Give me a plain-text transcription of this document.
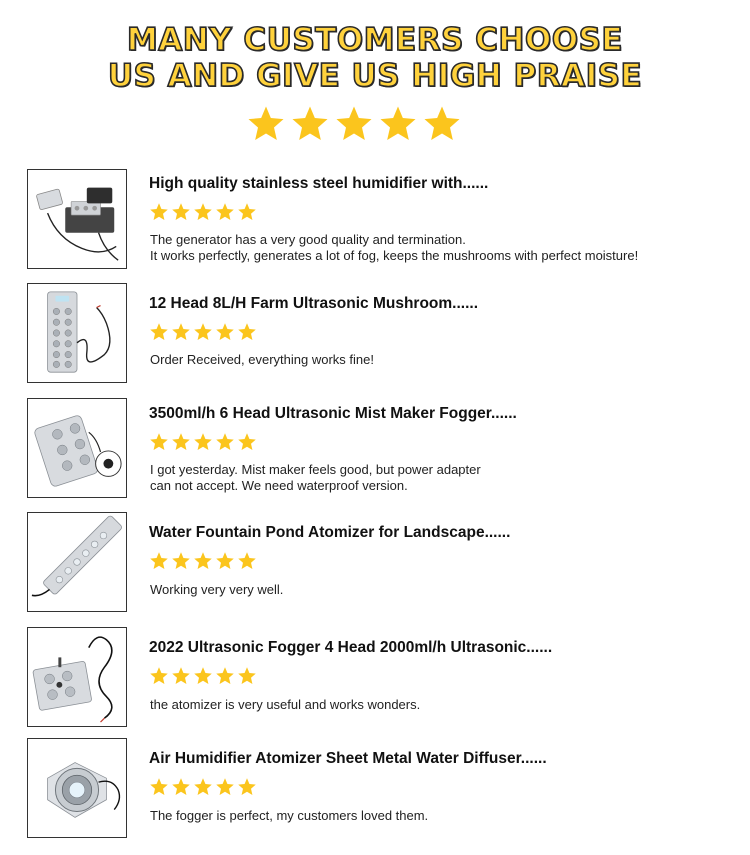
MANY CUSTOMERS CHOOSE
US AND GIVE US HIGH PRAISE
High quality stainless steel humidifier with......

The generator has a very good quality and termination.

It works perfectly, generates a lot of fog, keeps the mushrooms with perfect moisture!

12 Head 8L/H Farm Ultrasonic Mushroom......

Order Received, everything works fine!

3500ml/h 6 Head Ultrasonic Mist Maker Fogger......

I got yesterday. Mist maker feels good, but power adapter

can not accept. We need waterproof version.

Water Fountain Pond Atomizer for Landscape......

Working very very well.

2022 Ultrasonic Fogger 4 Head 2000ml/h Ultrasonic......

the atomizer is very useful and works wonders.

Air Humidifier Atomizer Sheet Metal Water Diffuser......

The fogger is perfect, my customers loved them.
